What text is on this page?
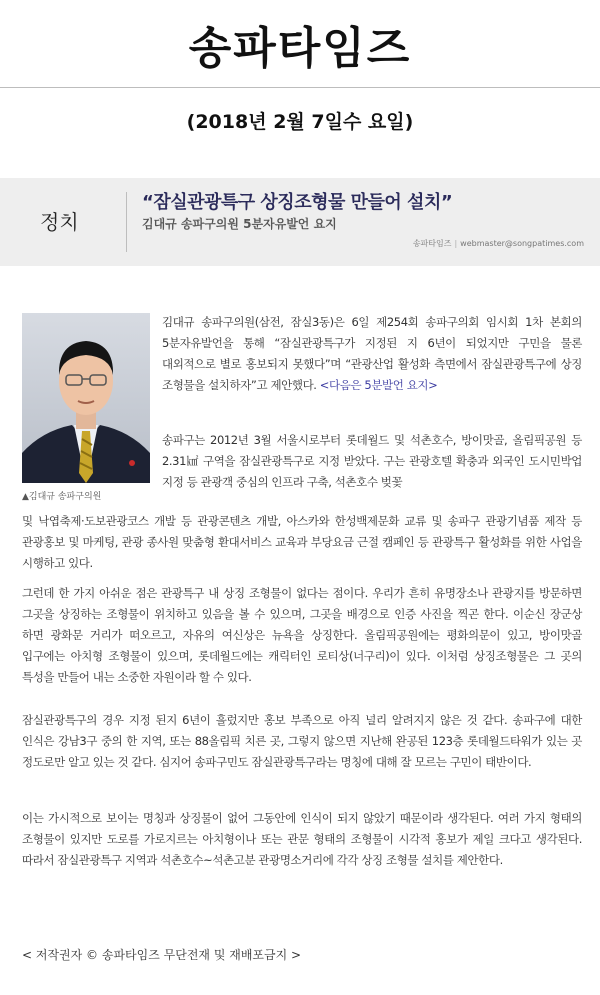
송파타임즈
(2018년 2월 7일수 요일)
정치
“잠실관광특구 상징조형물 만들어 설치”
김대규 송파구의원 5분자유발언 요지
송파타임즈 | webmaster@songpatimes.com
▲김대규 송파구의원

김대규 송파구의원(삼전, 잠실3동)은 6일 제254회 송파구의회 임시회 1차 본회의 5분자유발언을 통해 “잠실관광특구가 지정된 지 6년이 되었지만 구민을 물론 대외적으로 별로 홍보되지 못했다”며 “관광산업 활성화 측면에서 잠실관광특구에 상징 조형물을 설치하자”고 제안했다. <다음은 5분발언 요지>

송파구는 2012년 3월 서울시로부터 롯데월드 및 석촌호수, 방이맛골, 올림픽공원 등 2.31㎢ 구역을 잠실관광특구로 지정 받았다. 구는 관광호텔 확충과 외국인 도시민박업 지정 등 관광객 중심의 인프라 구축, 석촌호수 벚꽃

및 낙엽축제·도보관광코스 개발 등 관광콘텐츠 개발, 아스카와 한성백제문화 교류 및 송파구 관광기념품 제작 등 관광홍보 및 마케팅, 관광 종사원 맞춤형 환대서비스 교육과 부당요금 근절 캠페인 등 관광특구 활성화를 위한 사업을 시행하고 있다.

그런데 한 가지 아쉬운 점은 관광특구 내 상징 조형물이 없다는 점이다. 우리가 흔히 유명장소나 관광지를 방문하면 그곳을 상징하는 조형물이 위치하고 있음을 볼 수 있으며, 그곳을 배경으로 인증 사진을 찍곤 한다. 이순신 장군상 하면 광화문 거리가 떠오르고, 자유의 여신상은 뉴욕을 상징한다. 올림픽공원에는 평화의문이 있고, 방이맛골 입구에는 아치형 조형물이 있으며, 롯데월드에는 캐릭터인 로티상(너구리)이 있다. 이처럼 상징조형물은 그 곳의 특성을 만들어 내는 소중한 자원이라 할 수 있다.

잠실관광특구의 경우 지정 된지 6년이 흘렀지만 홍보 부족으로 아직 널리 알려지지 않은 것 같다. 송파구에 대한 인식은 강남3구 중의 한 지역, 또는 88올림픽 치른 곳, 그렇지 않으면 지난해 완공된 123층 롯데월드타워가 있는 곳 정도로만 알고 있는 것 같다. 심지어 송파구민도 잠실관광특구라는 명칭에 대해 잘 모르는 구민이 태반이다.

이는 가시적으로 보이는 명칭과 상징물이 없어 그동안에 인식이 되지 않았기 때문이라 생각된다. 여러 가지 형태의 조형물이 있지만 도로를 가로지르는 아치형이나 또는 관문 형태의 조형물이 시각적 홍보가 제일 크다고 생각된다. 따라서 잠실관광특구 지역과 석촌호수~석촌고분 관광명소거리에 각각 상징 조형물 설치를 제안한다.

< 저작권자 © 송파타임즈 무단전재 및 재배포금지 >
